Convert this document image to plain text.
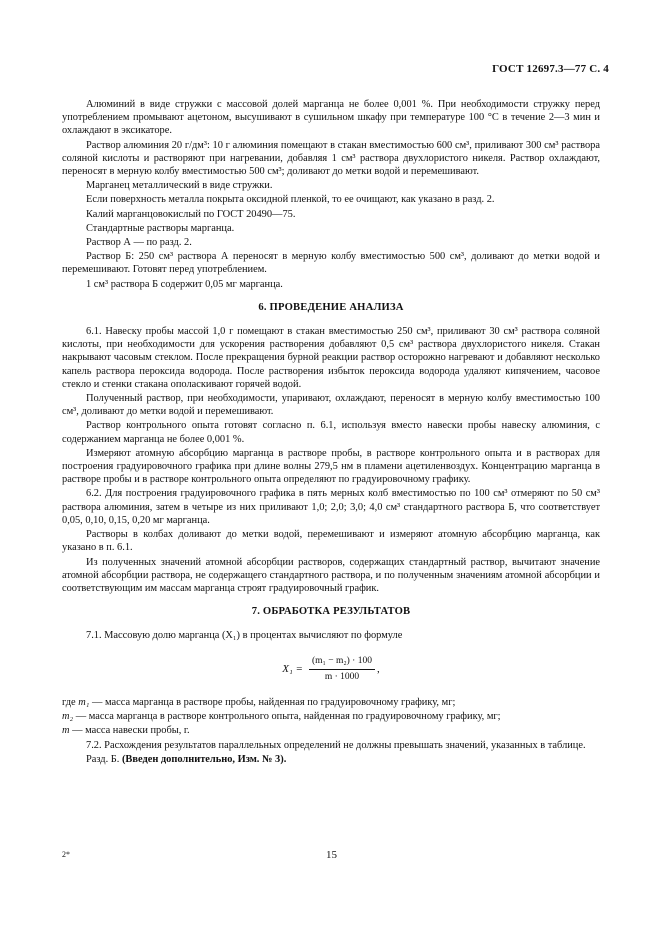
ГОСТ 12697.3—77 С. 4

Алюминий в виде стружки с массовой долей марганца не более 0,001 %. При необходимости стружку перед употреблением промывают ацетоном, высушивают в сушильном шкафу при температуре 100 °С в течение 2—3 мин и охлаждают в эксикаторе.

Раствор алюминия 20 г/дм³: 10 г алюминия помещают в стакан вместимостью 600 см³, приливают 300 см³ раствора соляной кислоты и растворяют при нагревании, добавляя 1 см³ раствора двухлористого никеля. Раствор охлаждают, переносят в мерную колбу вместимостью 500 см³; доливают до метки водой и перемешивают.

Марганец металлический в виде стружки.

Если поверхность металла покрыта оксидной пленкой, то ее очищают, как указано в разд. 2.

Калий марганцовокислый по ГОСТ 20490—75.

Стандартные растворы марганца.

Раствор А — по разд. 2.

Раствор Б: 250 см³ раствора А переносят в мерную колбу вместимостью 500 см³, доливают до метки водой и перемешивают. Готовят перед употреблением.

1 см³ раствора Б содержит 0,05 мг марганца.

6. ПРОВЕДЕНИЕ АНАЛИЗА

6.1. Навеску пробы массой 1,0 г помещают в стакан вместимостью 250 см³, приливают 30 см³ раствора соляной кислоты, при необходимости для ускорения растворения добавляют 0,5 см³ раствора двухлористого никеля. Стакан накрывают часовым стеклом. После прекращения бурной реакции раствор осторожно нагревают и добавляют несколько капель раствора пероксида водорода. После растворения избыток пероксида водорода удаляют кипячением, часовое стекло и стенки стакана ополаскивают горячей водой.

Полученный раствор, при необходимости, упаривают, охлаждают, переносят в мерную колбу вместимостью 100 см³, доливают до метки водой и перемешивают.

Раствор контрольного опыта готовят согласно п. 6.1, используя вместо навески пробы навеску алюминия, с содержанием марганца не более 0,001 %.

Измеряют атомную абсорбцию марганца в растворе пробы, в растворе контрольного опыта и в растворах для построения градуировочного графика при длине волны 279,5 нм в пламени ацетиленвоздух. Концентрацию марганца в растворе пробы и в растворе контрольного опыта определяют по градуировочному графику.

6.2. Для построения градуировочного графика в пять мерных колб вместимостью по 100 см³ отмеряют по 50 см³ раствора алюминия, затем в четыре из них приливают 1,0; 2,0; 3,0; 4,0 см³ стандартного раствора Б, что соответствует 0,05, 0,10, 0,15, 0,20 мг марганца.

Растворы в колбах доливают до метки водой, перемешивают и измеряют атомную абсорбцию марганца, как указано в п. 6.1.

Из полученных значений атомной абсорбции растворов, содержащих стандартный раствор, вычитают значение атомной абсорбции раствора, не содержащего стандартного раствора, и по полученным значениям атомной абсорбции и соответствующим им массам марганца строят градуировочный график.

7. ОБРАБОТКА РЕЗУЛЬТАТОВ

7.1. Массовую долю марганца (X₁) в процентах вычисляют по формуле

$X_1 = \frac{\text{(m₁ − m₂) · 100}}{m \cdot 1000}$ ,

где m₁ — масса марганца в растворе пробы, найденная по градуировочному графику, мг;

m₂ — масса марганца в растворе контрольного опыта, найденная по градуировочному графику, мг;

m — масса навески пробы, г.

7.2. Расхождения результатов параллельных определений не должны превышать значений, указанных в таблице.

Разд. Б. (Введен дополнительно, Изм. № 3).

2*	15
